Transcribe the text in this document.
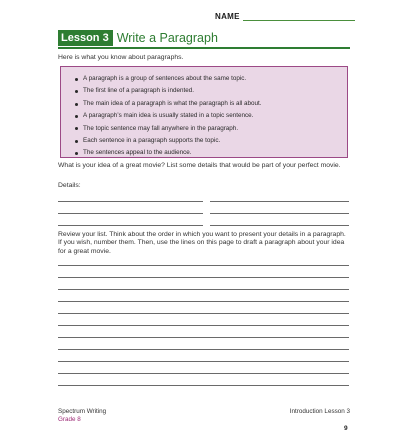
NAME
Lesson 3 Write a Paragraph
Here is what you know about paragraphs.
A paragraph is a group of sentences about the same topic.
The first line of a paragraph is indented.
The main idea of a paragraph is what the paragraph is all about.
A paragraph’s main idea is usually stated in a topic sentence.
The topic sentence may fall anywhere in the paragraph.
Each sentence in a paragraph supports the topic.
The sentences appeal to the audience.
What is your idea of a great movie? List some details that would be part of your perfect movie.
Details:
Review your list. Think about the order in which you want to present your details in a paragraph. If you wish, number them. Then, use the lines on this page to draft a paragraph about your idea for a great movie.
Spectrum Writing
Grade 8
Introduction Lesson 3
9
